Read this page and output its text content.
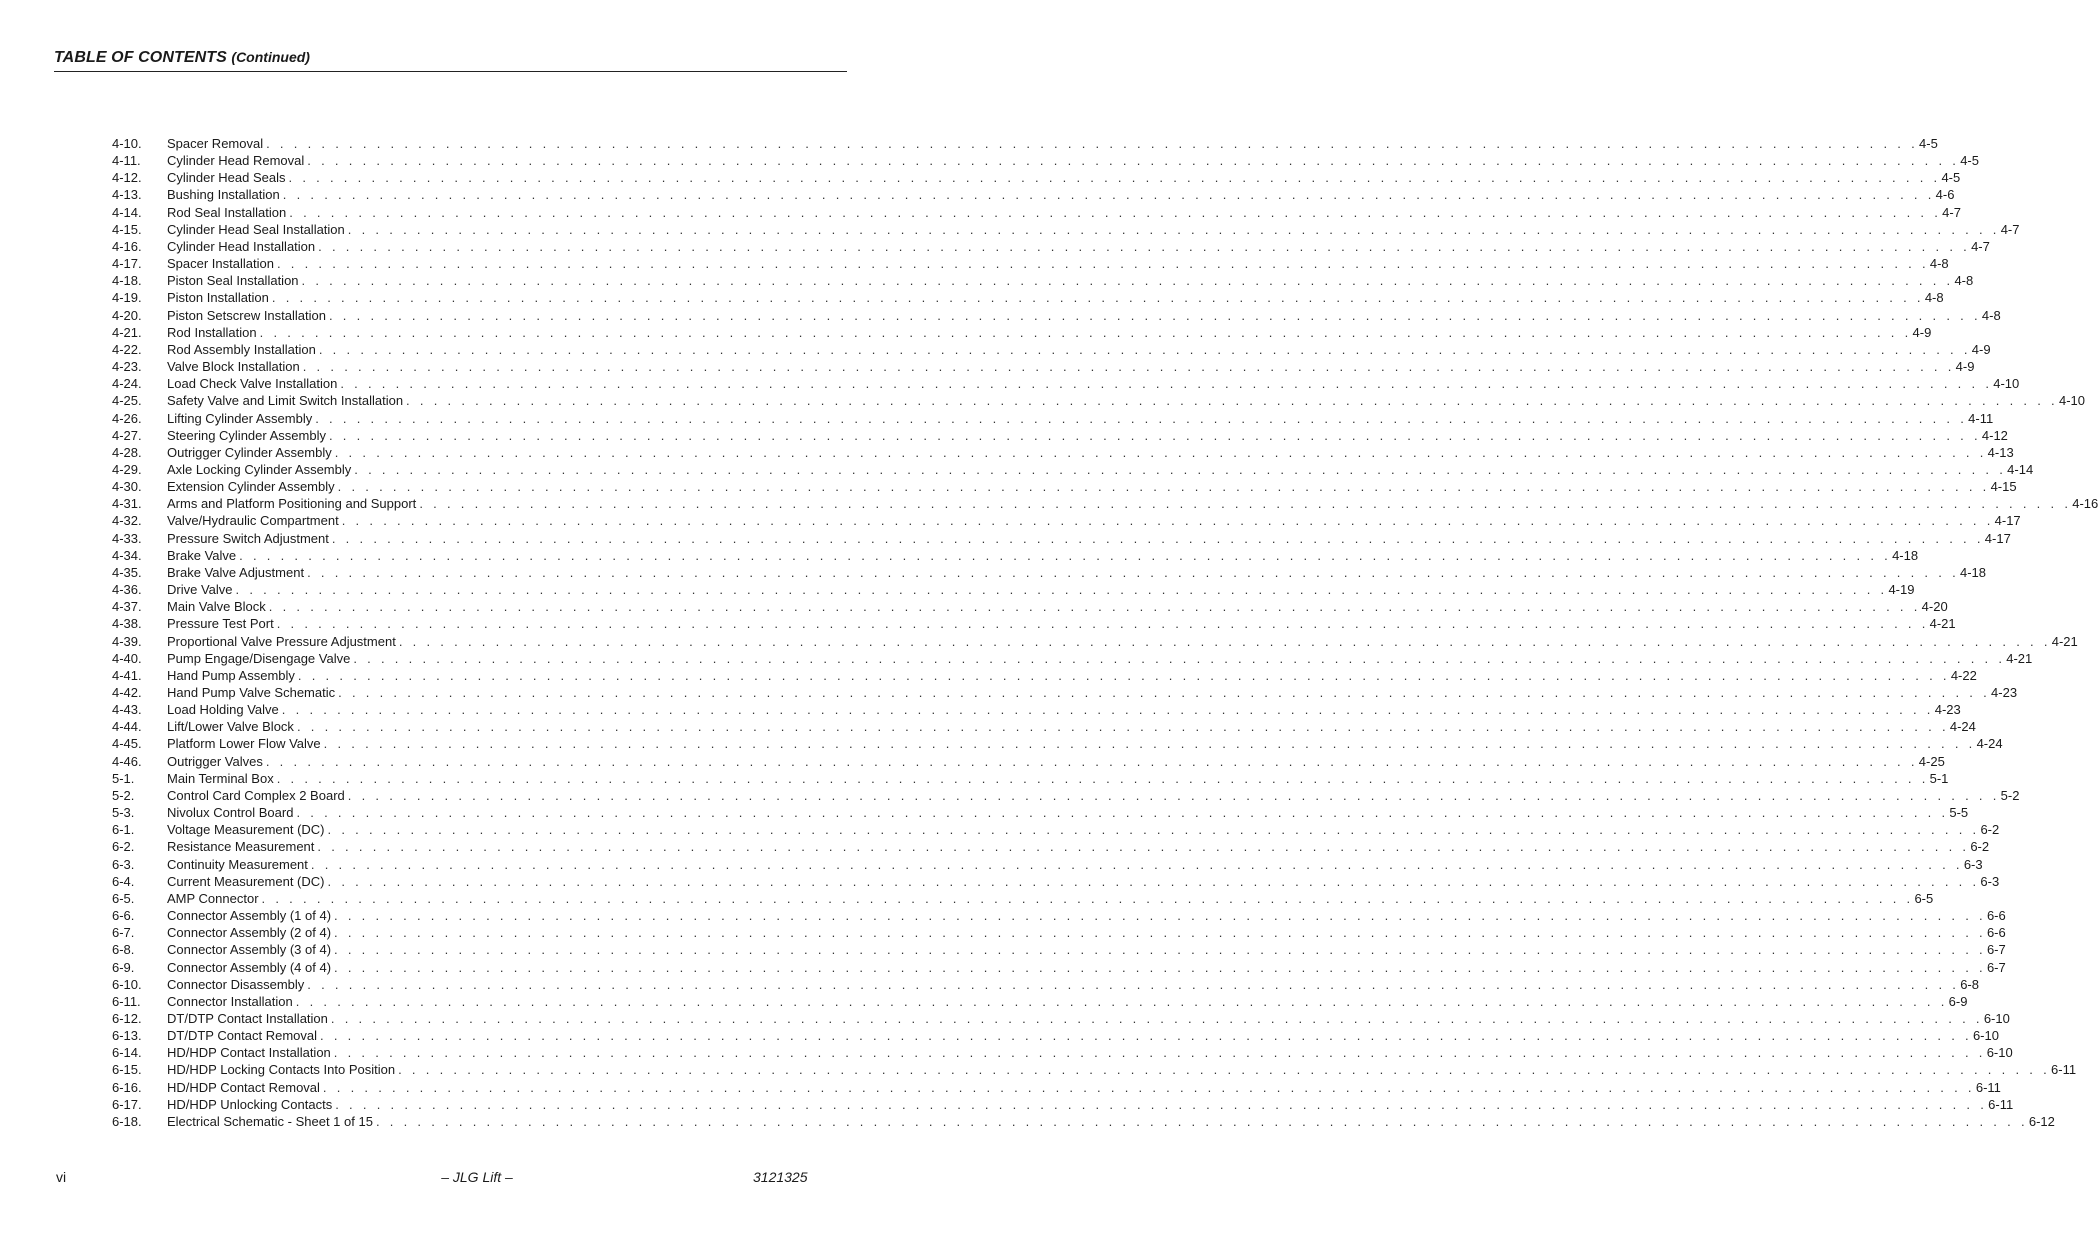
TABLE OF CONTENTS (Continued)
4-10.	Spacer Removal . . . . . . . . . . . . . . . . . . . . . . . . . . . . . . . . . . . . . . . . . . . . . . . . . . . . . . . . . . . . . . . . . . . . . . . . . . . . . . . . . . . . . . . . . . . . . . . . . . . . . . . . . . . . . . . . . . . . . . . . 4-5
4-11.	Cylinder Head Removal . . . . . . . . . . . . . . . . . . . . . . . . . . . . . . . . . . . . . . . . . . . . . . . . . . . . . . . . . . . . . . . . . . . . . . . . . . . . . . . . . . . . . . . . . . . . . . . . . . . . . . . . . . . . . . . . . . . . . . . . 4-5
4-12.	Cylinder Head Seals . . . . . . . . . . . . . . . . . . . . . . . . . . . . . . . . . . . . . . . . . . . . . . . . . . . . . . . . . . . . . . . . . . . . . . . . . . . . . . . . . . . . . . . . . . . . . . . . . . . . . . . . . . . . . . . . . . . . . . . . 4-5
4-13.	Bushing Installation . . . . . . . . . . . . . . . . . . . . . . . . . . . . . . . . . . . . . . . . . . . . . . . . . . . . . . . . . . . . . . . . . . . . . . . . . . . . . . . . . . . . . . . . . . . . . . . . . . . . . . . . . . . . . . . . . . . . . . . . 4-6
4-14.	Rod Seal Installation . . . . . . . . . . . . . . . . . . . . . . . . . . . . . . . . . . . . . . . . . . . . . . . . . . . . . . . . . . . . . . . . . . . . . . . . . . . . . . . . . . . . . . . . . . . . . . . . . . . . . . . . . . . . . . . . . . . . . . . . 4-7
4-15.	Cylinder Head Seal Installation . . . . . . . . . . . . . . . . . . . . . . . . . . . . . . . . . . . . . . . . . . . . . . . . . . . . . . . . . . . . . . . . . . . . . . . . . . . . . . . . . . . . . . . . . . . . . . . . . . . . . . . . . . . . . . . . . . . . . . . . 4-7
4-16.	Cylinder Head Installation . . . . . . . . . . . . . . . . . . . . . . . . . . . . . . . . . . . . . . . . . . . . . . . . . . . . . . . . . . . . . . . . . . . . . . . . . . . . . . . . . . . . . . . . . . . . . . . . . . . . . . . . . . . . . . . . . . . . . . . . 4-7
4-17.	Spacer Installation . . . . . . . . . . . . . . . . . . . . . . . . . . . . . . . . . . . . . . . . . . . . . . . . . . . . . . . . . . . . . . . . . . . . . . . . . . . . . . . . . . . . . . . . . . . . . . . . . . . . . . . . . . . . . . . . . . . . . . . . 4-8
4-18.	Piston Seal Installation . . . . . . . . . . . . . . . . . . . . . . . . . . . . . . . . . . . . . . . . . . . . . . . . . . . . . . . . . . . . . . . . . . . . . . . . . . . . . . . . . . . . . . . . . . . . . . . . . . . . . . . . . . . . . . . . . . . . . . . . 4-8
4-19.	Piston Installation . . . . . . . . . . . . . . . . . . . . . . . . . . . . . . . . . . . . . . . . . . . . . . . . . . . . . . . . . . . . . . . . . . . . . . . . . . . . . . . . . . . . . . . . . . . . . . . . . . . . . . . . . . . . . . . . . . . . . . . . 4-8
4-20.	Piston Setscrew Installation . . . . . . . . . . . . . . . . . . . . . . . . . . . . . . . . . . . . . . . . . . . . . . . . . . . . . . . . . . . . . . . . . . . . . . . . . . . . . . . . . . . . . . . . . . . . . . . . . . . . . . . . . . . . . . . . . . . . . . . . 4-8
4-21.	Rod Installation . . . . . . . . . . . . . . . . . . . . . . . . . . . . . . . . . . . . . . . . . . . . . . . . . . . . . . . . . . . . . . . . . . . . . . . . . . . . . . . . . . . . . . . . . . . . . . . . . . . . . . . . . . . . . . . . . . . . . . . . 4-9
4-22.	Rod Assembly Installation . . . . . . . . . . . . . . . . . . . . . . . . . . . . . . . . . . . . . . . . . . . . . . . . . . . . . . . . . . . . . . . . . . . . . . . . . . . . . . . . . . . . . . . . . . . . . . . . . . . . . . . . . . . . . . . . . . . . . . . . 4-9
4-23.	Valve Block Installation . . . . . . . . . . . . . . . . . . . . . . . . . . . . . . . . . . . . . . . . . . . . . . . . . . . . . . . . . . . . . . . . . . . . . . . . . . . . . . . . . . . . . . . . . . . . . . . . . . . . . . . . . . . . . . . . . . . . . . . . 4-9
4-24.	Load Check Valve Installation . . . . . . . . . . . . . . . . . . . . . . . . . . . . . . . . . . . . . . . . . . . . . . . . . . . . . . . . . . . . . . . . . . . . . . . . . . . . . . . . . . . . . . . . . . . . . . . . . . . . . . . . . . . . . . . . . . . . . . . . 4-10
4-25.	Safety Valve and Limit Switch Installation . . . . . . . . . . . . . . . . . . . . . . . . . . . . . . . . . . . . . . . . . . . . . . . . . . . . . . . . . . . . . . . . . . . . . . . . . . . . . . . . . . . . . . . . . . . . . . . . . . . . . . . . . . . . . . . . . . . . . . . . 4-10
4-26.	Lifting Cylinder Assembly . . . . . . . . . . . . . . . . . . . . . . . . . . . . . . . . . . . . . . . . . . . . . . . . . . . . . . . . . . . . . . . . . . . . . . . . . . . . . . . . . . . . . . . . . . . . . . . . . . . . . . . . . . . . . . . . . . . . . . . . 4-11
4-27.	Steering Cylinder Assembly . . . . . . . . . . . . . . . . . . . . . . . . . . . . . . . . . . . . . . . . . . . . . . . . . . . . . . . . . . . . . . . . . . . . . . . . . . . . . . . . . . . . . . . . . . . . . . . . . . . . . . . . . . . . . . . . . . . . . . . . 4-12
4-28.	Outrigger Cylinder Assembly . . . . . . . . . . . . . . . . . . . . . . . . . . . . . . . . . . . . . . . . . . . . . . . . . . . . . . . . . . . . . . . . . . . . . . . . . . . . . . . . . . . . . . . . . . . . . . . . . . . . . . . . . . . . . . . . . . . . . . . . 4-13
4-29.	Axle Locking Cylinder Assembly . . . . . . . . . . . . . . . . . . . . . . . . . . . . . . . . . . . . . . . . . . . . . . . . . . . . . . . . . . . . . . . . . . . . . . . . . . . . . . . . . . . . . . . . . . . . . . . . . . . . . . . . . . . . . . . . . . . . . . . . 4-14
4-30.	Extension Cylinder Assembly . . . . . . . . . . . . . . . . . . . . . . . . . . . . . . . . . . . . . . . . . . . . . . . . . . . . . . . . . . . . . . . . . . . . . . . . . . . . . . . . . . . . . . . . . . . . . . . . . . . . . . . . . . . . . . . . . . . . . . . . 4-15
4-31.	Arms and Platform Positioning and Support . . . . . . . . . . . . . . . . . . . . . . . . . . . . . . . . . . . . . . . . . . . . . . . . . . . . . . . . . . . . . . . . . . . . . . . . . . . . . . . . . . . . . . . . . . . . . . . . . . . . . . . . . . . . . . . . . . . . . . . . 4-16
4-32.	Valve/Hydraulic Compartment . . . . . . . . . . . . . . . . . . . . . . . . . . . . . . . . . . . . . . . . . . . . . . . . . . . . . . . . . . . . . . . . . . . . . . . . . . . . . . . . . . . . . . . . . . . . . . . . . . . . . . . . . . . . . . . . . . . . . . . . 4-17
4-33.	Pressure Switch Adjustment . . . . . . . . . . . . . . . . . . . . . . . . . . . . . . . . . . . . . . . . . . . . . . . . . . . . . . . . . . . . . . . . . . . . . . . . . . . . . . . . . . . . . . . . . . . . . . . . . . . . . . . . . . . . . . . . . . . . . . . . 4-17
4-34.	Brake Valve . . . . . . . . . . . . . . . . . . . . . . . . . . . . . . . . . . . . . . . . . . . . . . . . . . . . . . . . . . . . . . . . . . . . . . . . . . . . . . . . . . . . . . . . . . . . . . . . . . . . . . . . . . . . . . . . . . . . . . . . 4-18
4-35.	Brake Valve Adjustment . . . . . . . . . . . . . . . . . . . . . . . . . . . . . . . . . . . . . . . . . . . . . . . . . . . . . . . . . . . . . . . . . . . . . . . . . . . . . . . . . . . . . . . . . . . . . . . . . . . . . . . . . . . . . . . . . . . . . . . . 4-18
4-36.	Drive Valve . . . . . . . . . . . . . . . . . . . . . . . . . . . . . . . . . . . . . . . . . . . . . . . . . . . . . . . . . . . . . . . . . . . . . . . . . . . . . . . . . . . . . . . . . . . . . . . . . . . . . . . . . . . . . . . . . . . . . . . . 4-19
4-37.	Main Valve Block . . . . . . . . . . . . . . . . . . . . . . . . . . . . . . . . . . . . . . . . . . . . . . . . . . . . . . . . . . . . . . . . . . . . . . . . . . . . . . . . . . . . . . . . . . . . . . . . . . . . . . . . . . . . . . . . . . . . . . . . 4-20
4-38.	Pressure Test Port . . . . . . . . . . . . . . . . . . . . . . . . . . . . . . . . . . . . . . . . . . . . . . . . . . . . . . . . . . . . . . . . . . . . . . . . . . . . . . . . . . . . . . . . . . . . . . . . . . . . . . . . . . . . . . . . . . . . . . . . 4-21
4-39.	Proportional Valve Pressure Adjustment . . . . . . . . . . . . . . . . . . . . . . . . . . . . . . . . . . . . . . . . . . . . . . . . . . . . . . . . . . . . . . . . . . . . . . . . . . . . . . . . . . . . . . . . . . . . . . . . . . . . . . . . . . . . . . . . . . . . . . . . 4-21
4-40.	Pump Engage/Disengage Valve . . . . . . . . . . . . . . . . . . . . . . . . . . . . . . . . . . . . . . . . . . . . . . . . . . . . . . . . . . . . . . . . . . . . . . . . . . . . . . . . . . . . . . . . . . . . . . . . . . . . . . . . . . . . . . . . . . . . . . . . 4-21
4-41.	Hand Pump Assembly . . . . . . . . . . . . . . . . . . . . . . . . . . . . . . . . . . . . . . . . . . . . . . . . . . . . . . . . . . . . . . . . . . . . . . . . . . . . . . . . . . . . . . . . . . . . . . . . . . . . . . . . . . . . . . . . . . . . . . . . 4-22
4-42.	Hand Pump Valve Schematic . . . . . . . . . . . . . . . . . . . . . . . . . . . . . . . . . . . . . . . . . . . . . . . . . . . . . . . . . . . . . . . . . . . . . . . . . . . . . . . . . . . . . . . . . . . . . . . . . . . . . . . . . . . . . . . . . . . . . . . . 4-23
4-43.	Load Holding Valve . . . . . . . . . . . . . . . . . . . . . . . . . . . . . . . . . . . . . . . . . . . . . . . . . . . . . . . . . . . . . . . . . . . . . . . . . . . . . . . . . . . . . . . . . . . . . . . . . . . . . . . . . . . . . . . . . . . . . . . . 4-23
4-44.	Lift/Lower Valve Block . . . . . . . . . . . . . . . . . . . . . . . . . . . . . . . . . . . . . . . . . . . . . . . . . . . . . . . . . . . . . . . . . . . . . . . . . . . . . . . . . . . . . . . . . . . . . . . . . . . . . . . . . . . . . . . . . . . . . . . . 4-24
4-45.	Platform Lower Flow Valve . . . . . . . . . . . . . . . . . . . . . . . . . . . . . . . . . . . . . . . . . . . . . . . . . . . . . . . . . . . . . . . . . . . . . . . . . . . . . . . . . . . . . . . . . . . . . . . . . . . . . . . . . . . . . . . . . . . . . . . . 4-24
4-46.	Outrigger Valves . . . . . . . . . . . . . . . . . . . . . . . . . . . . . . . . . . . . . . . . . . . . . . . . . . . . . . . . . . . . . . . . . . . . . . . . . . . . . . . . . . . . . . . . . . . . . . . . . . . . . . . . . . . . . . . . . . . . . . . . 4-25
5-1.	Main Terminal Box . . . . . . . . . . . . . . . . . . . . . . . . . . . . . . . . . . . . . . . . . . . . . . . . . . . . . . . . . . . . . . . . . . . . . . . . . . . . . . . . . . . . . . . . . . . . . . . . . . . . . . . . . . . . . . . . . . . . . . . . 5-1
5-2.	Control Card Complex 2 Board . . . . . . . . . . . . . . . . . . . . . . . . . . . . . . . . . . . . . . . . . . . . . . . . . . . . . . . . . . . . . . . . . . . . . . . . . . . . . . . . . . . . . . . . . . . . . . . . . . . . . . . . . . . . . . . . . . . . . . . . 5-2
5-3.	Nivolux Control Board . . . . . . . . . . . . . . . . . . . . . . . . . . . . . . . . . . . . . . . . . . . . . . . . . . . . . . . . . . . . . . . . . . . . . . . . . . . . . . . . . . . . . . . . . . . . . . . . . . . . . . . . . . . . . . . . . . . . . . . . 5-5
6-1.	Voltage Measurement (DC) . . . . . . . . . . . . . . . . . . . . . . . . . . . . . . . . . . . . . . . . . . . . . . . . . . . . . . . . . . . . . . . . . . . . . . . . . . . . . . . . . . . . . . . . . . . . . . . . . . . . . . . . . . . . . . . . . . . . . . . . 6-2
6-2.	Resistance Measurement . . . . . . . . . . . . . . . . . . . . . . . . . . . . . . . . . . . . . . . . . . . . . . . . . . . . . . . . . . . . . . . . . . . . . . . . . . . . . . . . . . . . . . . . . . . . . . . . . . . . . . . . . . . . . . . . . . . . . . . . 6-2
6-3.	Continuity Measurement . . . . . . . . . . . . . . . . . . . . . . . . . . . . . . . . . . . . . . . . . . . . . . . . . . . . . . . . . . . . . . . . . . . . . . . . . . . . . . . . . . . . . . . . . . . . . . . . . . . . . . . . . . . . . . . . . . . . . . . . 6-3
6-4.	Current Measurement (DC) . . . . . . . . . . . . . . . . . . . . . . . . . . . . . . . . . . . . . . . . . . . . . . . . . . . . . . . . . . . . . . . . . . . . . . . . . . . . . . . . . . . . . . . . . . . . . . . . . . . . . . . . . . . . . . . . . . . . . . . . 6-3
6-5.	AMP Connector . . . . . . . . . . . . . . . . . . . . . . . . . . . . . . . . . . . . . . . . . . . . . . . . . . . . . . . . . . . . . . . . . . . . . . . . . . . . . . . . . . . . . . . . . . . . . . . . . . . . . . . . . . . . . . . . . . . . . . . . 6-5
6-6.	Connector Assembly (1 of 4) . . . . . . . . . . . . . . . . . . . . . . . . . . . . . . . . . . . . . . . . . . . . . . . . . . . . . . . . . . . . . . . . . . . . . . . . . . . . . . . . . . . . . . . . . . . . . . . . . . . . . . . . . . . . . . . . . . . . . . . . 6-6
6-7.	Connector Assembly (2 of 4) . . . . . . . . . . . . . . . . . . . . . . . . . . . . . . . . . . . . . . . . . . . . . . . . . . . . . . . . . . . . . . . . . . . . . . . . . . . . . . . . . . . . . . . . . . . . . . . . . . . . . . . . . . . . . . . . . . . . . . . . 6-6
6-8.	Connector Assembly (3 of 4) . . . . . . . . . . . . . . . . . . . . . . . . . . . . . . . . . . . . . . . . . . . . . . . . . . . . . . . . . . . . . . . . . . . . . . . . . . . . . . . . . . . . . . . . . . . . . . . . . . . . . . . . . . . . . . . . . . . . . . . . 6-7
6-9.	Connector Assembly (4 of 4) . . . . . . . . . . . . . . . . . . . . . . . . . . . . . . . . . . . . . . . . . . . . . . . . . . . . . . . . . . . . . . . . . . . . . . . . . . . . . . . . . . . . . . . . . . . . . . . . . . . . . . . . . . . . . . . . . . . . . . . . 6-7
6-10.	Connector Disassembly . . . . . . . . . . . . . . . . . . . . . . . . . . . . . . . . . . . . . . . . . . . . . . . . . . . . . . . . . . . . . . . . . . . . . . . . . . . . . . . . . . . . . . . . . . . . . . . . . . . . . . . . . . . . . . . . . . . . . . . . 6-8
6-11.	Connector Installation . . . . . . . . . . . . . . . . . . . . . . . . . . . . . . . . . . . . . . . . . . . . . . . . . . . . . . . . . . . . . . . . . . . . . . . . . . . . . . . . . . . . . . . . . . . . . . . . . . . . . . . . . . . . . . . . . . . . . . . . 6-9
6-12.	DT/DTP Contact Installation . . . . . . . . . . . . . . . . . . . . . . . . . . . . . . . . . . . . . . . . . . . . . . . . . . . . . . . . . . . . . . . . . . . . . . . . . . . . . . . . . . . . . . . . . . . . . . . . . . . . . . . . . . . . . . . . . . . . . . . . 6-10
6-13.	DT/DTP Contact Removal . . . . . . . . . . . . . . . . . . . . . . . . . . . . . . . . . . . . . . . . . . . . . . . . . . . . . . . . . . . . . . . . . . . . . . . . . . . . . . . . . . . . . . . . . . . . . . . . . . . . . . . . . . . . . . . . . . . . . . . . 6-10
6-14.	HD/HDP Contact Installation . . . . . . . . . . . . . . . . . . . . . . . . . . . . . . . . . . . . . . . . . . . . . . . . . . . . . . . . . . . . . . . . . . . . . . . . . . . . . . . . . . . . . . . . . . . . . . . . . . . . . . . . . . . . . . . . . . . . . . . . 6-10
6-15.	HD/HDP Locking Contacts Into Position . . . . . . . . . . . . . . . . . . . . . . . . . . . . . . . . . . . . . . . . . . . . . . . . . . . . . . . . . . . . . . . . . . . . . . . . . . . . . . . . . . . . . . . . . . . . . . . . . . . . . . . . . . . . . . . . . . . . . . . . 6-11
6-16.	HD/HDP Contact Removal . . . . . . . . . . . . . . . . . . . . . . . . . . . . . . . . . . . . . . . . . . . . . . . . . . . . . . . . . . . . . . . . . . . . . . . . . . . . . . . . . . . . . . . . . . . . . . . . . . . . . . . . . . . . . . . . . . . . . . . . 6-11
6-17.	HD/HDP Unlocking Contacts . . . . . . . . . . . . . . . . . . . . . . . . . . . . . . . . . . . . . . . . . . . . . . . . . . . . . . . . . . . . . . . . . . . . . . . . . . . . . . . . . . . . . . . . . . . . . . . . . . . . . . . . . . . . . . . . . . . . . . . . 6-11
6-18.	Electrical Schematic - Sheet 1 of 15 . . . . . . . . . . . . . . . . . . . . . . . . . . . . . . . . . . . . . . . . . . . . . . . . . . . . . . . . . . . . . . . . . . . . . . . . . . . . . . . . . . . . . . . . . . . . . . . . . . . . . . . . . . . . . . . . . . . . . . . . 6-12
vi	– JLG Lift –	3121325
